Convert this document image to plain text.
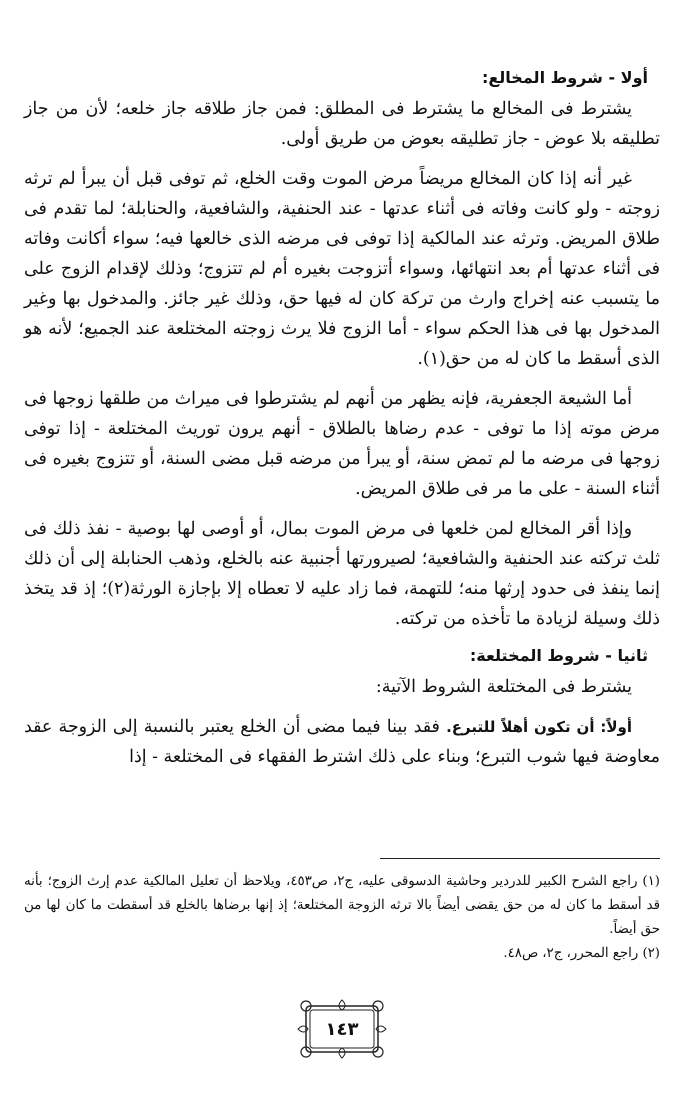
أولا - شروط المخالع:

يشترط فى المخالع ما يشترط فى المطلق: فمن جاز طلاقه جاز خلعه؛ لأن من جاز تطليقه بلا عوض - جاز تطليقه بعوض من طريق أولى.

غير أنه إذا كان المخالع مريضاً مرض الموت وقت الخلع، ثم توفى قبل أن يبرأ لم ترثه زوجته - ولو كانت وفاته فى أثناء عدتها - عند الحنفية، والشافعية، والحنابلة؛ لما تقدم فى طلاق المريض. وترثه عند المالكية إذا توفى فى مرضه الذى خالعها فيه؛ سواء أكانت وفاته فى أثناء عدتها أم بعد انتهائها، وسواء أتزوجت بغيره أم لم تتزوج؛ وذلك لإقدام الزوج على ما يتسبب عنه إخراج وارث من تركة كان له فيها حق، وذلك غير جائز. والمدخول بها وغير المدخول بها فى هذا الحكم سواء - أما الزوج فلا يرث زوجته المختلعة عند الجميع؛ لأنه هو الذى أسقط ما كان له من حق(١).

أما الشيعة الجعفرية، فإنه يظهر من أنهم لم يشترطوا فى ميراث من طلقها زوجها فى مرض موته إذا ما توفى - عدم رضاها بالطلاق - أنهم يرون توريث المختلعة - إذا توفى زوجها فى مرضه ما لم تمض سنة، أو يبرأ من مرضه قبل مضى السنة، أو تتزوج بغيره فى أثناء السنة - على ما مر فى طلاق المريض.

وإذا أقر المخالع لمن خلعها فى مرض الموت بمال، أو أوصى لها بوصية - نفذ ذلك فى ثلث تركته عند الحنفية والشافعية؛ لصيرورتها أجنبية عنه بالخلع، وذهب الحنابلة إلى أن ذلك إنما ينفذ فى حدود إرثها منه؛ للتهمة، فما زاد عليه لا تعطاه إلا بإجازة الورثة(٢)؛ إذ قد يتخذ ذلك وسيلة لزيادة ما تأخذه من تركته.

ثانيا - شروط المختلعة:

يشترط فى المختلعة الشروط الآتية:

أولاً: أن تكون أهلاً للتبرع. فقد بينا فيما مضى أن الخلع يعتبر بالنسبة إلى الزوجة عقد معاوضة فيها شوب التبرع؛ وبناء على ذلك اشترط الفقهاء فى المختلعة - إذا

(١) راجع الشرح الكبير للدردير وحاشية الدسوقى عليه، ج٢، ص٤٥٣، ويلاحظ أن تعليل المالكية عدم إرث الزوج؛ بأنه قد أسقط ما كان له من حق يقضى أيضاً بالا ترثه الزوجة المختلعة؛ إذ إنها برضاها بالخلع قد أسقطت ما كان لها من حق أيضاً.

(٢) راجع المحرر، ج٢، ص٤٨.

١٤٣
